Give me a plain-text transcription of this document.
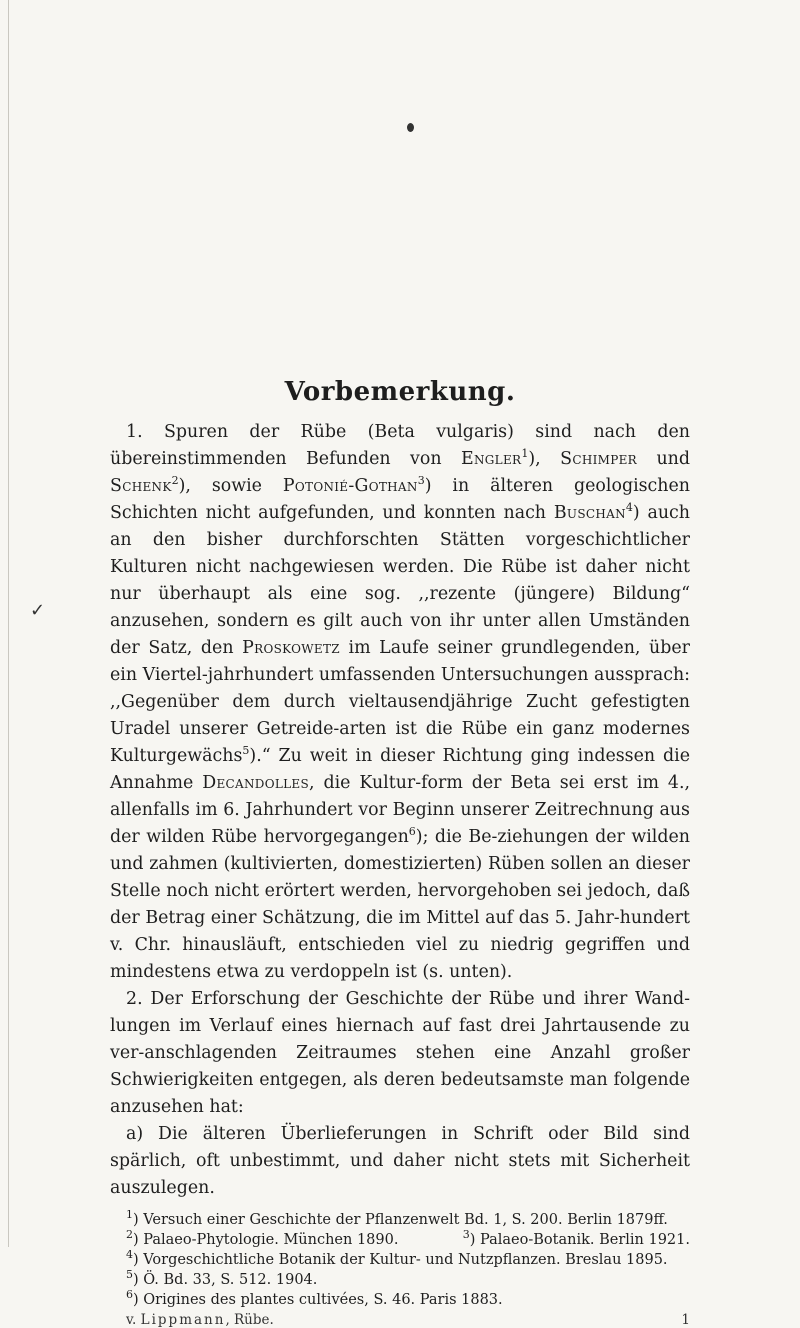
✓
Vorbemerkung.

1. Spuren der Rübe (Beta vulgaris) sind nach den übereinstimmenden Befunden von Engler$^1$), Schimper und Schenk$^2$), sowie Potonié-Gothan$^3$) in älteren geologischen Schichten nicht aufgefunden, und konnten nach Buschan$^4$) auch an den bisher durchforschten Stätten vorgeschichtlicher Kulturen nicht nachgewiesen werden. Die Rübe ist daher nicht nur überhaupt als eine sog. ,,rezente (jüngere) Bildung“ anzusehen, sondern es gilt auch von ihr unter allen Umständen der Satz, den Proskowetz im Laufe seiner grundlegenden, über ein Viertel-jahrhundert umfassenden Untersuchungen aussprach: ,,Gegenüber dem durch vieltausendjährige Zucht gefestigten Uradel unserer Getreide-arten ist die Rübe ein ganz modernes Kulturgewächs$^5$).“ Zu weit in dieser Richtung ging indessen die Annahme Decandolles, die Kultur-form der Beta sei erst im 4., allenfalls im 6. Jahrhundert vor Beginn unserer Zeitrechnung aus der wilden Rübe hervorgegangen$^6$); die Be-ziehungen der wilden und zahmen (kultivierten, domestizierten) Rüben sollen an dieser Stelle noch nicht erörtert werden, hervorgehoben sei jedoch, daß der Betrag einer Schätzung, die im Mittel auf das 5. Jahr-hundert v. Chr. hinausläuft, entschieden viel zu niedrig gegriffen und mindestens etwa zu verdoppeln ist (s. unten).

2. Der Erforschung der Geschichte der Rübe und ihrer Wand-lungen im Verlauf eines hiernach auf fast drei Jahrtausende zu ver-anschlagenden Zeitraumes stehen eine Anzahl großer Schwierigkeiten entgegen, als deren bedeutsamste man folgende anzusehen hat:

a) Die älteren Überlieferungen in Schrift oder Bild sind spärlich, oft unbestimmt, und daher nicht stets mit Sicherheit auszulegen.

$^1$) Versuch einer Geschichte der Pflanzenwelt Bd. 1, S. 200. Berlin 1879ff.
$^2$) Palaeo-Phytologie. München 1890.	$^3$) Palaeo-Botanik. Berlin 1921.
$^4$) Vorgeschichtliche Botanik der Kultur- und Nutzpflanzen. Breslau 1895.
$^5$) Ö. Bd. 33, S. 512. 1904.
$^6$) Origines des plantes cultivées, S. 46. Paris 1883.
v. Lippmann, Rübe.	1
